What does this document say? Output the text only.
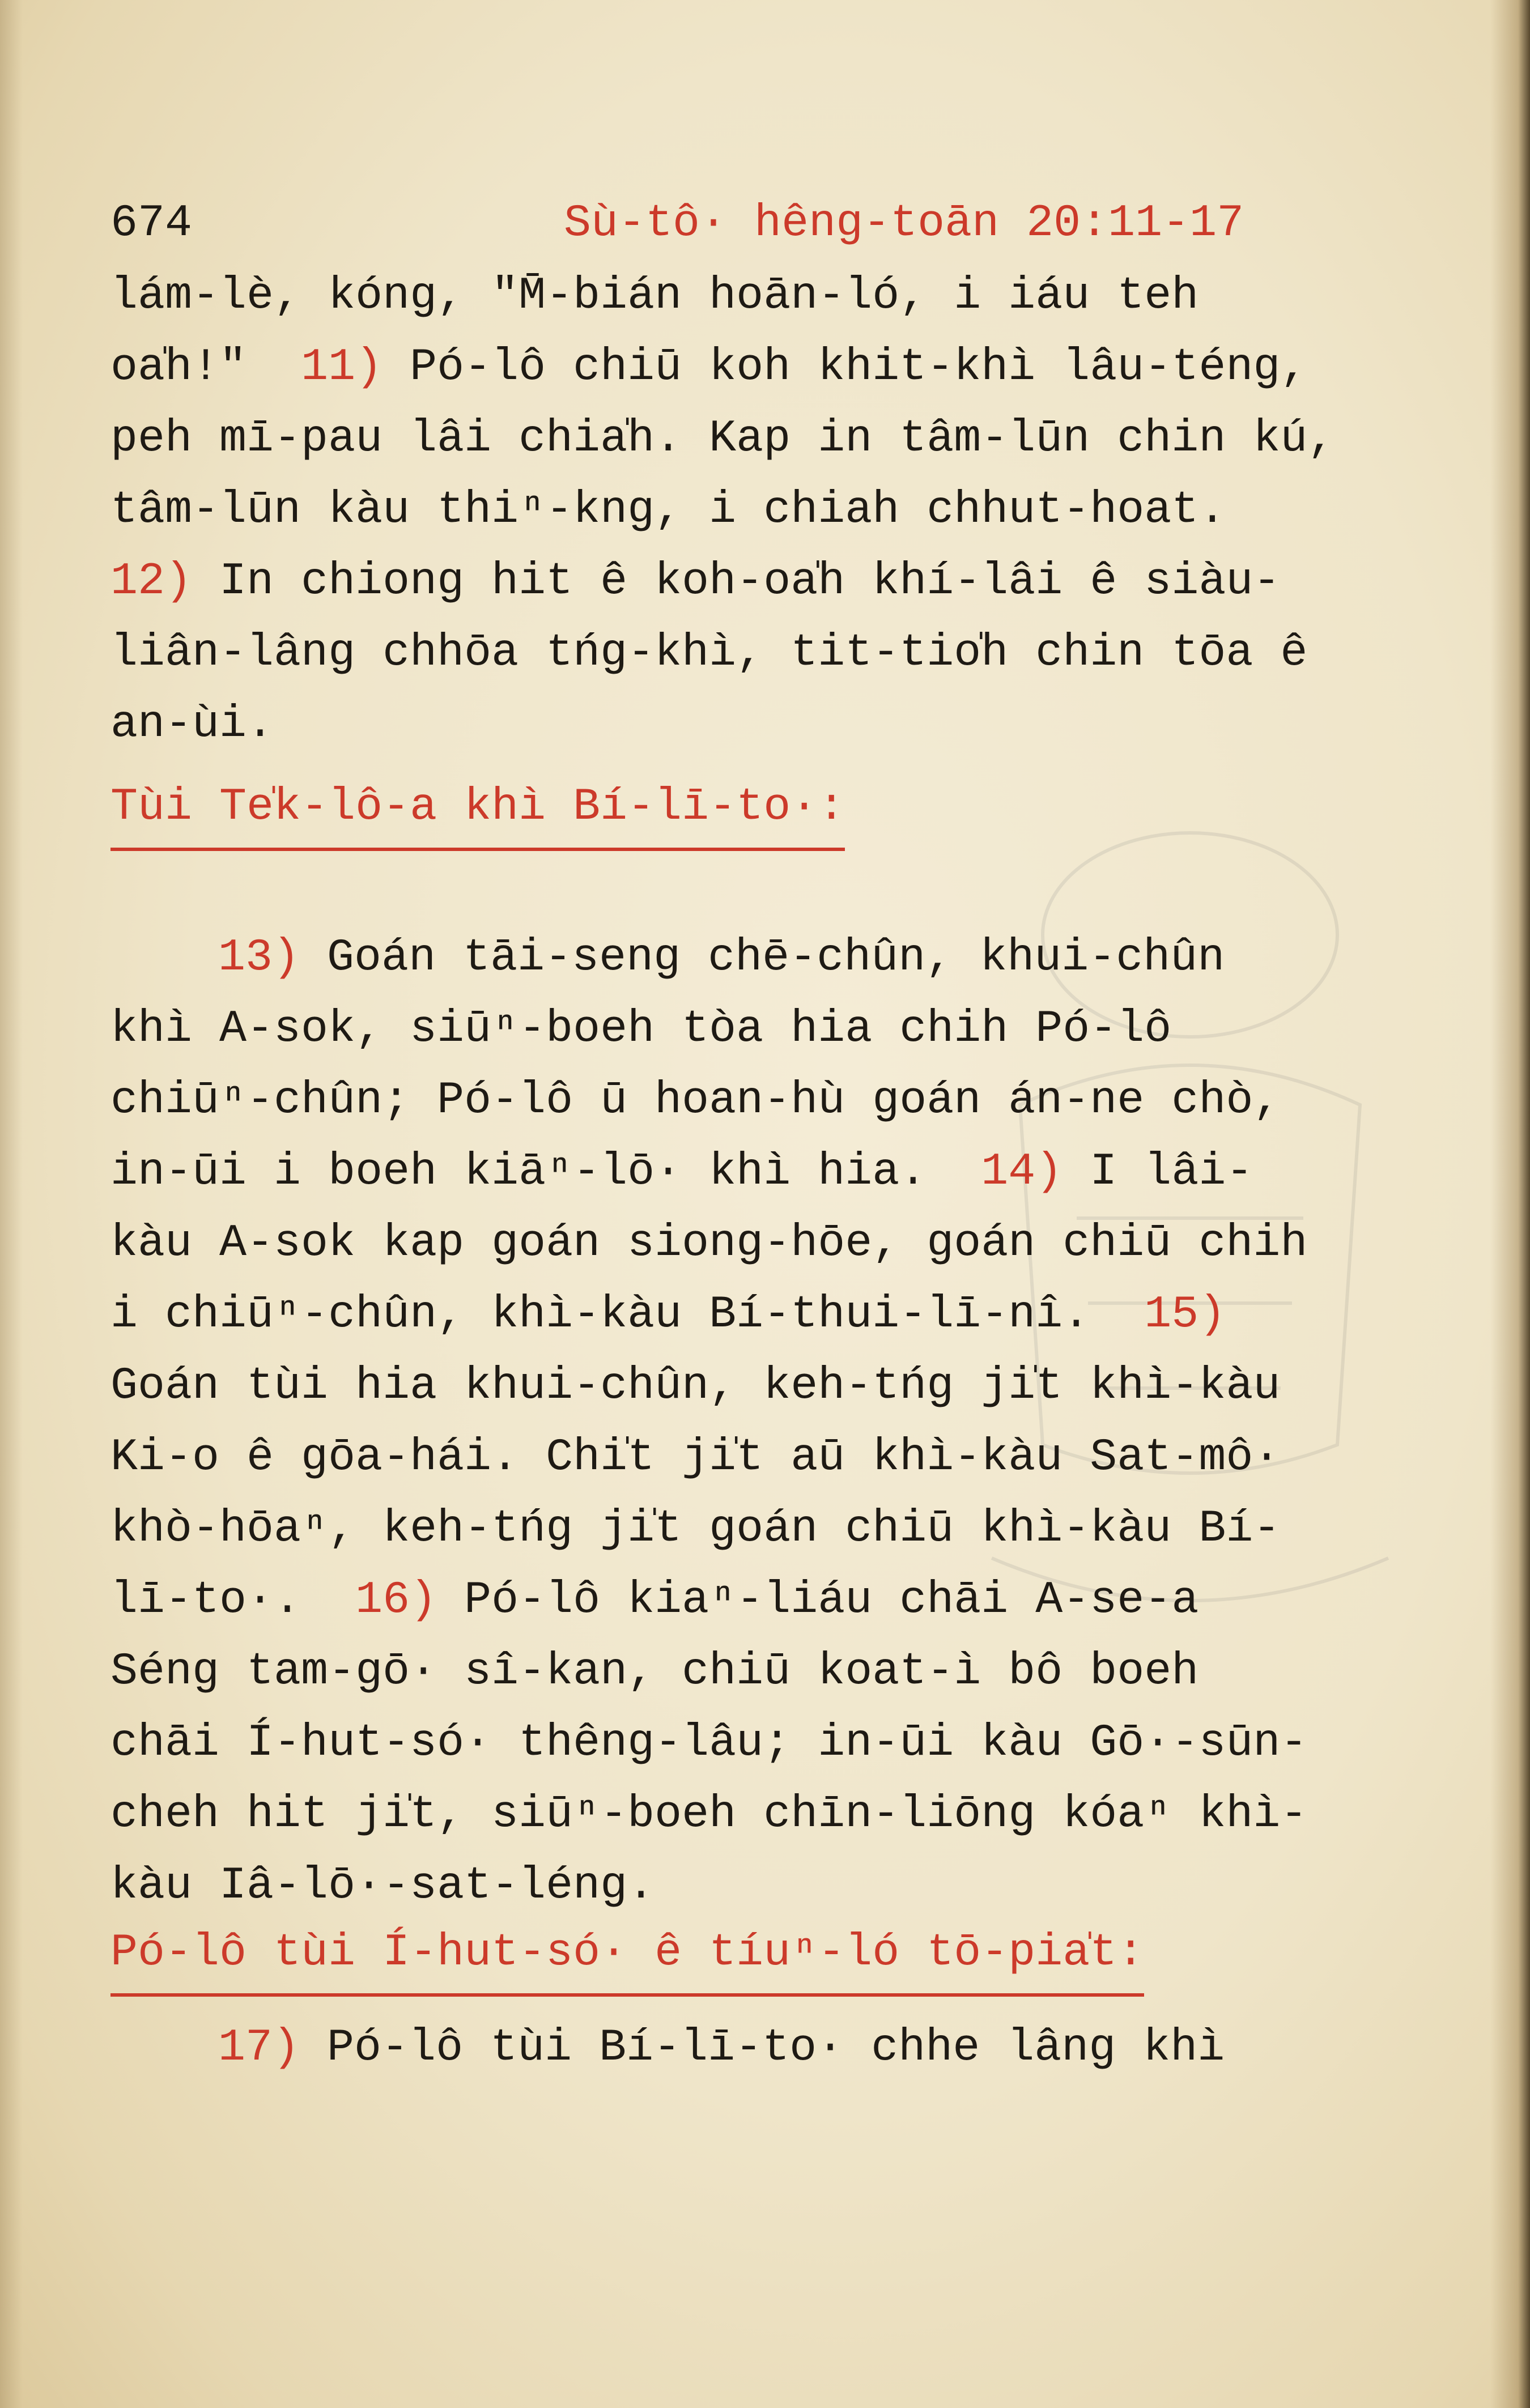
674	Sù-tô· hêng-toān 20:11-17
lám-lè, kóng, "M̄-bián hoān-ló, i iáu teh
oa̍h!" 11) Pó-lô chiū koh khit-khì lâu-téng,
peh mī-pau lâi chia̍h. Kap in tâm-lūn chin kú,
tâm-lūn kàu thiⁿ-kng, i chiah chhut-hoat.
12) In chiong hit ê koh-oa̍h khí-lâi ê siàu-
liân-lâng chhōa tńg-khì, tit-tio̍h chin tōa ê
an-ùi.
Tùi Te̍k-lô-a khì Bí-lī-to·:
13) Goán tāi-seng chē-chûn, khui-chûn
khì A-sok, siūⁿ-boeh tòa hia chih Pó-lô
chiūⁿ-chûn; Pó-lô ū hoan-hù goán án-ne chò,
in-ūi i boeh kiāⁿ-lō· khì hia. 14) I lâi-
kàu A-sok kap goán siong-hōe, goán chiū chih
i chiūⁿ-chûn, khì-kàu Bí-thui-lī-nî. 15)
Goán tùi hia khui-chûn, keh-tńg ji̍t khì-kàu
Ki-o ê gōa-hái. Chi̍t ji̍t aū khì-kàu Sat-mô·
khò-hōaⁿ, keh-tńg ji̍t goán chiū khì-kàu Bí-
lī-to·. 16) Pó-lô kiaⁿ-liáu chāi A-se-a
Séng tam-gō· sî-kan, chiū koat-ì bô boeh
chāi Í-hut-só· thêng-lâu; in-ūi kàu Gō·-sūn-
cheh hit ji̍t, siūⁿ-boeh chīn-liōng kóaⁿ khì-
kàu Iâ-lō·-sat-léng.
Pó-lô tùi Í-hut-só· ê tíuⁿ-ló tō-pia̍t:
17) Pó-lô tùi Bí-lī-to· chhe lâng khì
